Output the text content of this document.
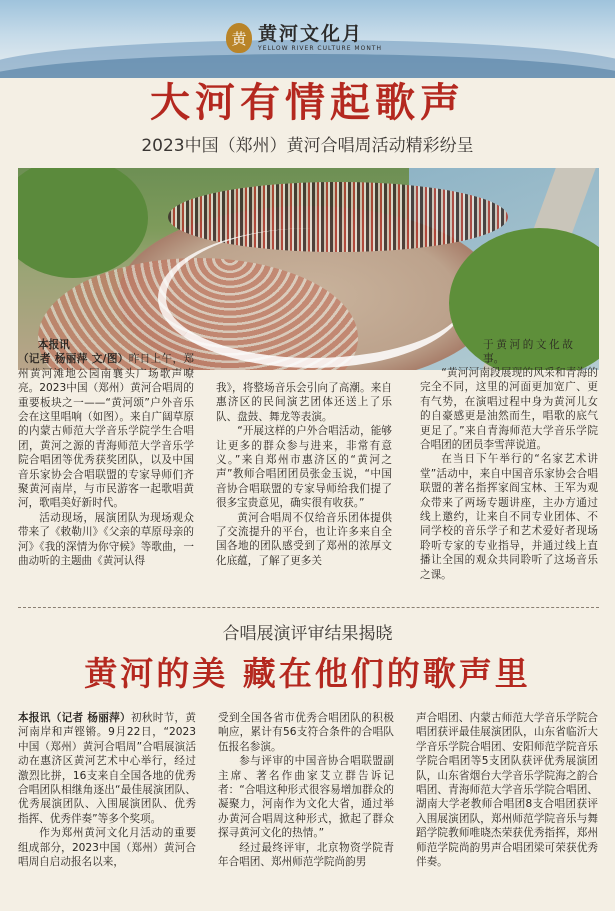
黄 黄河文化月
YELLOW RIVER CULTURE MONTH
大河有情起歌声
2023中国（郑州）黄河合唱周活动精彩纷呈

本报讯

（记者 杨丽萍 文/图）昨日上午，郑州黄河滩地公园南襄头广场歌声嘹亮。2023中国（郑州）黄河合唱周的重要板块之一——“黄河颂”户外音乐会在这里唱响（如图）。来自广阔草原的内蒙古师范大学音乐学院学生合唱团，黄河之源的青海师范大学音乐学院合唱团等优秀获奖团队，以及中国音乐家协会合唱联盟的专家导师们齐聚黄河南岸，与市民游客一起歌唱黄河，歌唱美好新时代。

活动现场，展演团队为现场观众带来了《敕勒川》《父亲的草原母亲的河》《我的深情为你守候》等歌曲，一曲动听的主题曲《黄河认得

我》，将整场音乐会引向了高潮。来自惠济区的民间演艺团体还送上了乐队、盘鼓、舞龙等表演。

“开展这样的户外合唱活动，能够让更多的群众参与进来，非常有意义。”来自郑州市惠济区的“黄河之声”教师合唱团团员张金玉说，“中国音协合唱联盟的专家导师给我们提了很多宝贵意见，确实很有收获。”

黄河合唱周不仅给音乐团体提供了交流提升的平台，也让许多来自全国各地的团队感受到了郑州的浓厚文化底蕴，了解了更多关

于黄河的文化故事。

“黄河河南段展现的风采和青海的完全不同，这里的河面更加宽广、更有气势，在演唱过程中身为黄河儿女的自豪感更是油然而生，唱歌的底气更足了。”来自青海师范大学音乐学院合唱团的团员李雪萍说道。

在当日下午举行的“名家艺术讲堂”活动中，来自中国音乐家协会合唱联盟的著名指挥家阎宝林、王军为观众带来了两场专题讲座，主办方通过线上邀约，让来自不同专业团体、不同学校的音乐学子和艺术爱好者现场聆听专家的专业指导，并通过线上直播让全国的观众共同聆听了这场音乐之课。

合唱展演评审结果揭晓
黄河的美 藏在他们的歌声里

本报讯（记者 杨丽萍）初秋时节，黄河南岸和声铿锵。9月22日，“2023中国（郑州）黄河合唱周”合唱展演活动在惠济区黄河艺术中心举行，经过激烈比拼，16支来自全国各地的优秀合唱团队相继角逐出“最佳展演团队、优秀展演团队、入围展演团队、优秀指挥、优秀伴奏”等多个奖项。

作为郑州黄河文化月活动的重要组成部分，2023中国（郑州）黄河合唱周自启动报名以来，

受到全国各省市优秀合唱团队的积极响应，累计有56支符合条件的合唱队伍报名参演。

参与评审的中国音协合唱联盟副主席、著名作曲家艾立群告诉记者：“合唱这种形式很容易增加群众的凝聚力，河南作为文化大省，通过举办黄河合唱周这种形式，掀起了群众探寻黄河文化的热情。”

经过最终评审，北京物资学院青年合唱团、郑州师范学院尚韵男

声合唱团、内蒙古师范大学音乐学院合唱团获评最佳展演团队，山东省临沂大学音乐学院合唱团、安阳师范学院音乐学院合唱团等5支团队获评优秀展演团队，山东省烟台大学音乐学院海之韵合唱团、青海师范大学音乐学院合唱团、湖南大学老教师合唱团8支合唱团获评入围展演团队，郑州师范学院音乐与舞蹈学院教师唯晓杰荣获优秀指挥，郑州师范学院尚韵男声合唱团梁可荣获优秀伴奏。
